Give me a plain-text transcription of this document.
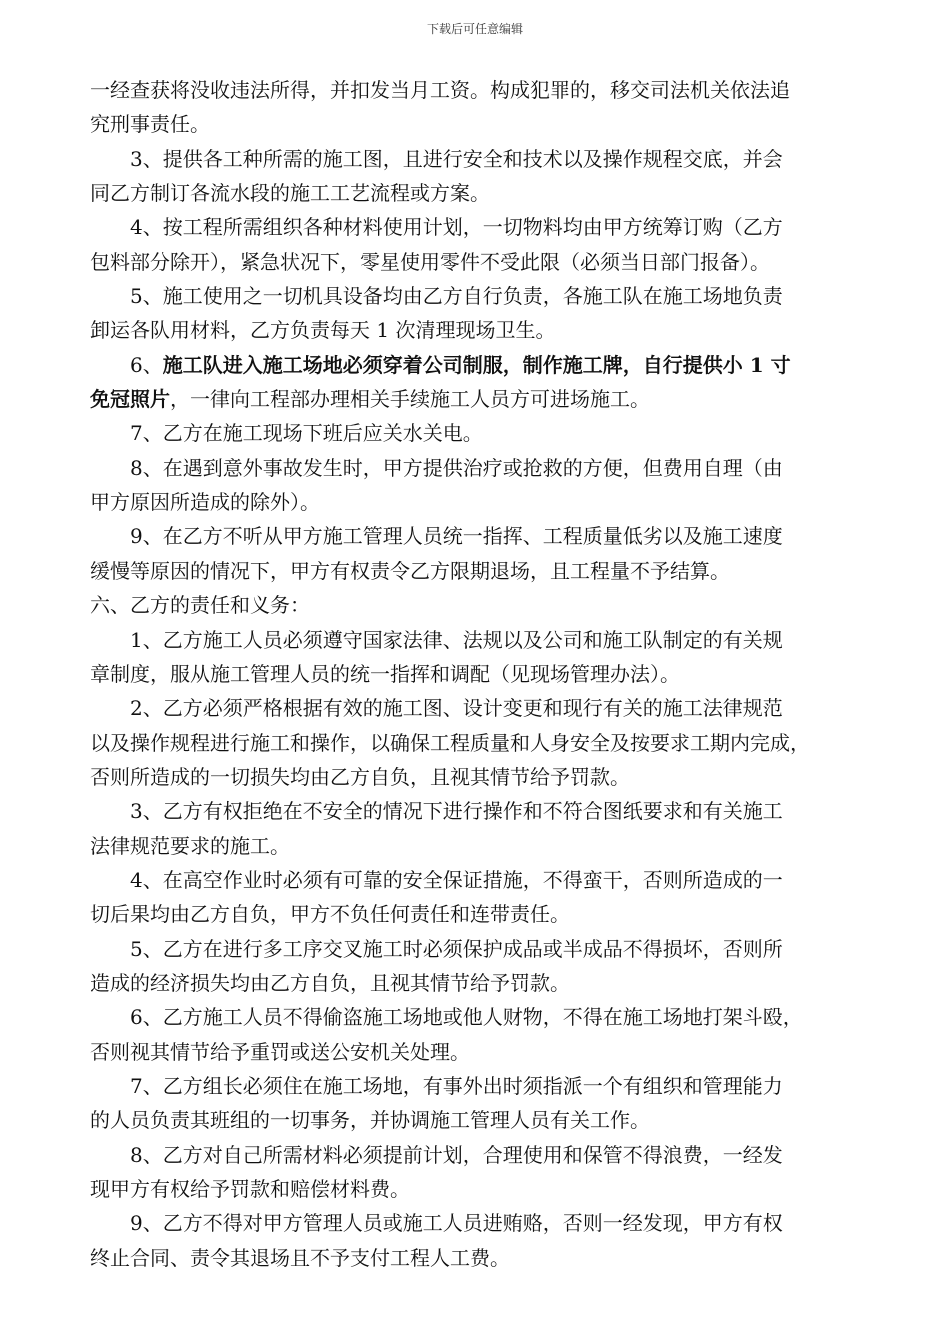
下载后可任意编辑
一经查获将没收违法所得，并扣发当月工资。构成犯罪的，移交司法机关依法追
究刑事责任。
3、提供各工种所需的施工图，且进行安全和技术以及操作规程交底，并会
同乙方制订各流水段的施工工艺流程或方案。
4、按工程所需组织各种材料使用计划，一切物料均由甲方统筹订购（乙方
包料部分除开），紧急状况下，零星使用零件不受此限（必须当日部门报备）。
5、施工使用之一切机具设备均由乙方自行负责，各施工队在施工场地负责
卸运各队用材料，乙方负责每天 1 次清理现场卫生。
6、施工队进入施工场地必须穿着公司制服，制作施工牌，自行提供小 1 寸
免冠照片，一律向工程部办理相关手续施工人员方可进场施工。
7、乙方在施工现场下班后应关水关电。
8、在遇到意外事故发生时，甲方提供治疗或抢救的方便，但费用自理（由
甲方原因所造成的除外）。
9、在乙方不听从甲方施工管理人员统一指挥、工程质量低劣以及施工速度
缓慢等原因的情况下，甲方有权责令乙方限期退场，且工程量不予结算。
六、乙方的责任和义务：
1、乙方施工人员必须遵守国家法律、法规以及公司和施工队制定的有关规
章制度，服从施工管理人员的统一指挥和调配（见现场管理办法）。
2、乙方必须严格根据有效的施工图、设计变更和现行有关的施工法律规范
以及操作规程进行施工和操作，以确保工程质量和人身安全及按要求工期内完成，
否则所造成的一切损失均由乙方自负，且视其情节给予罚款。
3、乙方有权拒绝在不安全的情况下进行操作和不符合图纸要求和有关施工
法律规范要求的施工。
4、在高空作业时必须有可靠的安全保证措施，不得蛮干，否则所造成的一
切后果均由乙方自负，甲方不负任何责任和连带责任。
5、乙方在进行多工序交叉施工时必须保护成品或半成品不得损坏，否则所
造成的经济损失均由乙方自负，且视其情节给予罚款。
6、乙方施工人员不得偷盗施工场地或他人财物，不得在施工场地打架斗殴，
否则视其情节给予重罚或送公安机关处理。
7、乙方组长必须住在施工场地，有事外出时须指派一个有组织和管理能力
的人员负责其班组的一切事务，并协调施工管理人员有关工作。
8、乙方对自己所需材料必须提前计划，合理使用和保管不得浪费，一经发
现甲方有权给予罚款和赔偿材料费。
9、乙方不得对甲方管理人员或施工人员进贿赂，否则一经发现，甲方有权
终止合同、责令其退场且不予支付工程人工费。
